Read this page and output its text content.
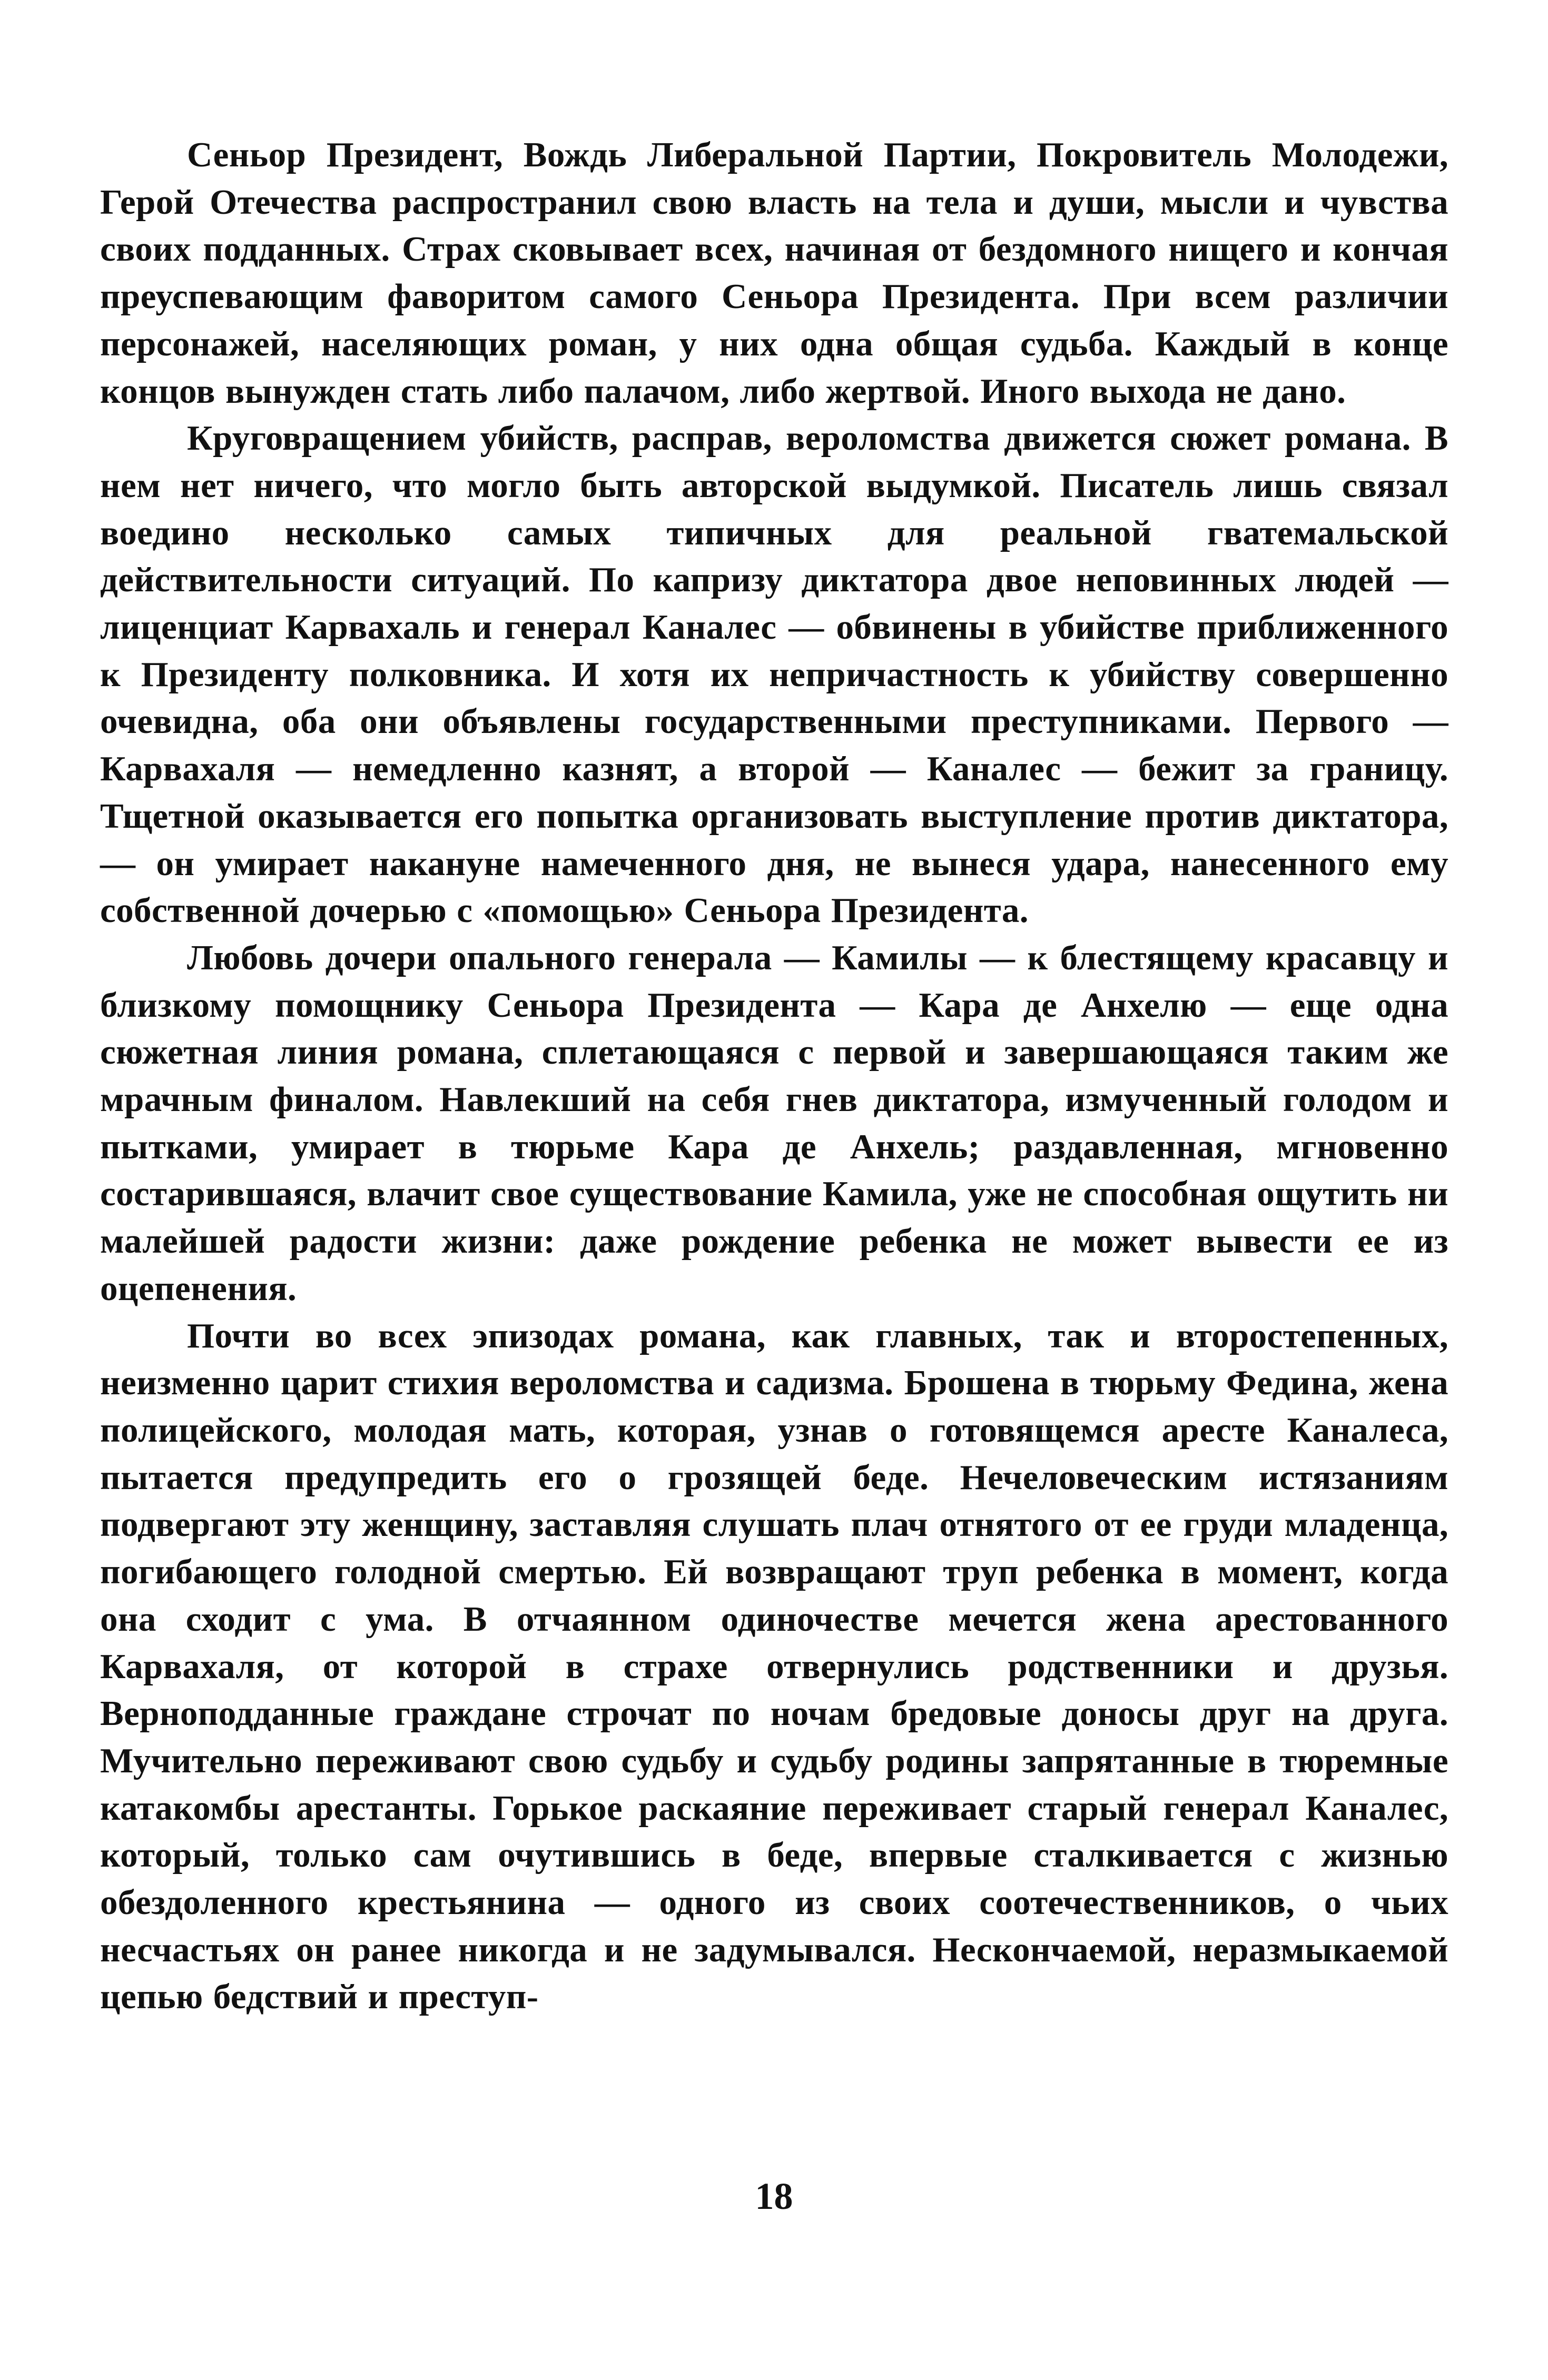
Сеньор Президент, Вождь Либеральной Партии, Покровитель Молодежи, Герой Отечества распространил свою власть на тела и души, мысли и чувства своих подданных. Страх сковывает всех, начиная от бездомного нищего и кончая преуспевающим фаворитом самого Сеньора Президента. При всем различии персонажей, населяющих роман, у них одна общая судьба. Каждый в конце концов вынужден стать либо палачом, либо жертвой. Иного выхода не дано.

Круговращением убийств, расправ, вероломства движется сюжет романа. В нем нет ничего, что могло быть авторской выдумкой. Писатель лишь связал воедино несколько самых типичных для реальной гватемальской действительности ситуаций. По капризу диктатора двое неповинных людей — лиценциат Карвахаль и генерал Каналес — обвинены в убийстве приближенного к Президенту полковника. И хотя их непричастность к убийству совершенно очевидна, оба они объявлены государственными преступниками. Первого — Карвахаля — немедленно казнят, а второй — Каналес — бежит за границу. Тщетной оказывается его попытка организовать выступление против диктатора,— он умирает накануне намеченного дня, не вынеся удара, нанесенного ему собственной дочерью с «помощью» Сеньора Президента.

Любовь дочери опального генерала — Камилы — к блестящему красавцу и близкому помощнику Сеньора Президента — Кара де Анхелю — еще одна сюжетная линия романа, сплетающаяся с первой и завершающаяся таким же мрачным финалом. Навлекший на себя гнев диктатора, измученный голодом и пытками, умирает в тюрьме Кара де Анхель; раздавленная, мгновенно состарившаяся, влачит свое существование Камила, уже не способная ощутить ни малейшей радости жизни: даже рождение ребенка не может вывести ее из оцепенения.

Почти во всех эпизодах романа, как главных, так и второстепенных, неизменно царит стихия вероломства и садизма. Брошена в тюрьму Федина, жена полицейского, молодая мать, которая, узнав о готовящемся аресте Каналеса, пытается предупредить его о грозящей беде. Нечеловеческим истязаниям подвергают эту женщину, заставляя слушать плач отнятого от ее груди младенца, погибающего голодной смертью. Ей возвращают труп ребенка в момент, когда она сходит с ума. В отчаянном одиночестве мечется жена арестованного Карвахаля, от которой в страхе отвернулись родственники и друзья. Верноподданные граждане строчат по ночам бредовые доносы друг на друга. Мучительно переживают свою судьбу и судьбу родины запрятанные в тюремные катакомбы арестанты. Горькое раскаяние переживает старый генерал Каналес, который, только сам очутившись в беде, впервые сталкивается с жизнью обездоленного крестьянина — одного из своих соотечественников, о чьих несчастьях он ранее никогда и не задумывался. Нескончаемой, неразмыкаемой цепью бедствий и преступ-

18
